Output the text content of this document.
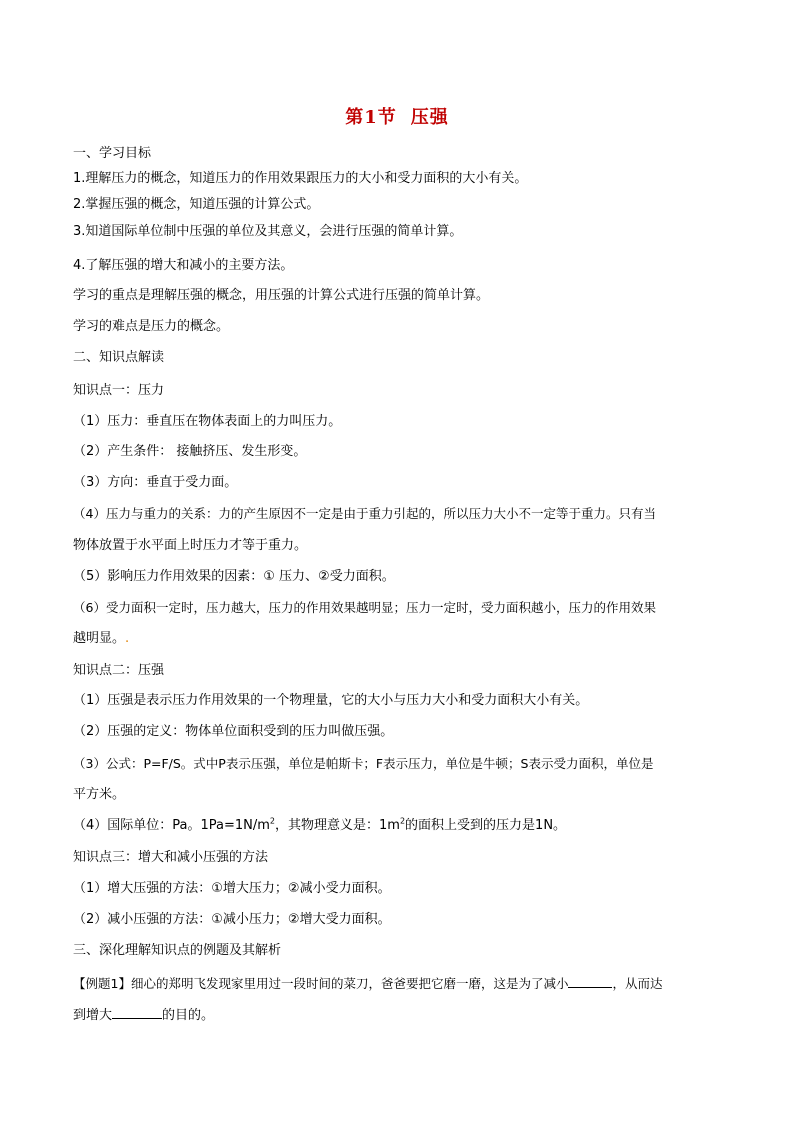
第1节 压强
一、学习目标
1.理解压力的概念，知道压力的作用效果跟压力的大小和受力面积的大小有关。
2.掌握压强的概念，知道压强的计算公式。
3.知道国际单位制中压强的单位及其意义，会进行压强的简单计算。
4.了解压强的增大和减小的主要方法。
学习的重点是理解压强的概念，用压强的计算公式进行压强的简单计算。
学习的难点是压力的概念。
二、知识点解读
知识点一：压力
（1）压力：垂直压在物体表面上的力叫压力。
（2）产生条件： 接触挤压、发生形变。
（3）方向：垂直于受力面。
（4）压力与重力的关系：力的产生原因不一定是由于重力引起的，所以压力大小不一定等于重力。只有当
物体放置于水平面上时压力才等于重力。
（5）影响压力作用效果的因素：① 压力、②受力面积。
（6）受力面积一定时，压力越大，压力的作用效果越明显；压力一定时，受力面积越小，压力的作用效果
越明显。.
知识点二：压强
（1）压强是表示压力作用效果的一个物理量，它的大小与压力大小和受力面积大小有关。
（2）压强的定义：物体单位面积受到的压力叫做压强。
（3）公式：P=F/S。式中P表示压强，单位是帕斯卡；F表示压力，单位是牛顿；S表示受力面积，单位是
平方米。
（4）国际单位：Pa。$1Pa=1N/m^2$，其物理意义是：$1m^2$的面积上受到的压力是1N。
知识点三：增大和减小压强的方法
（1）增大压强的方法：①增大压力；②减小受力面积。
（2）减小压强的方法：①减小压力；②增大受力面积。
三、深化理解知识点的例题及其解析
【例题1】细心的郑明飞发现家里用过一段时间的菜刀，爸爸要把它磨一磨，这是为了减小	，从而达
到增大	的目的。
